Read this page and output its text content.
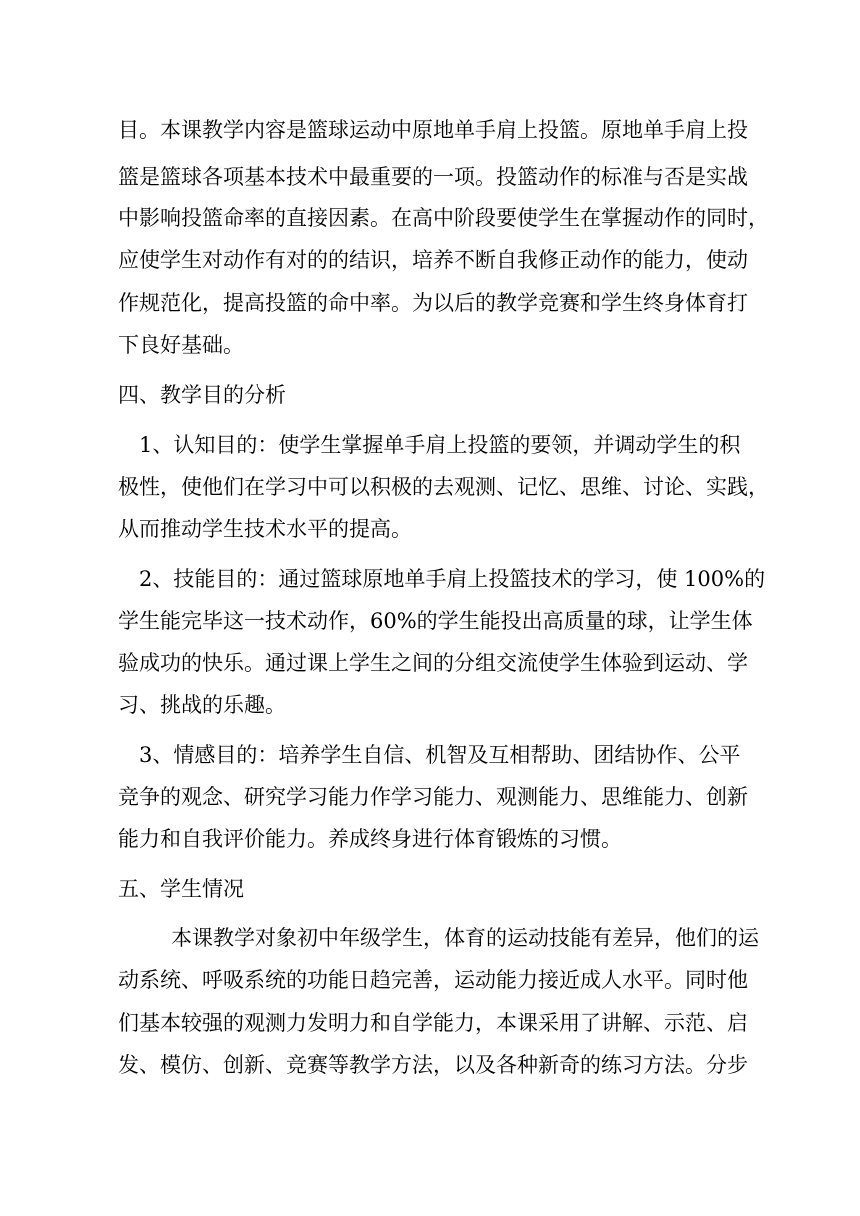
目。本课教学内容是篮球运动中原地单手肩上投篮。原地单手肩上投
篮是篮球各项基本技术中最重要的一项。投篮动作的标准与否是实战
中影响投篮命率的直接因素。在高中阶段要使学生在掌握动作的同时，
应使学生对动作有对的的结识，培养不断自我修正动作的能力，使动
作规范化，提高投篮的命中率。为以后的教学竞赛和学生终身体育打
下良好基础。
四、教学目的分析
1、认知目的：使学生掌握单手肩上投篮的要领，并调动学生的积
极性，使他们在学习中可以积极的去观测、记忆、思维、讨论、实践，
从而推动学生技术水平的提高。
2、技能目的：通过篮球原地单手肩上投篮技术的学习，使 100%的
学生能完毕这一技术动作，60%的学生能投出高质量的球，让学生体
验成功的快乐。通过课上学生之间的分组交流使学生体验到运动、学
习、挑战的乐趣。
3、情感目的：培养学生自信、机智及互相帮助、团结协作、公平
竞争的观念、研究学习能力作学习能力、观测能力、思维能力、创新
能力和自我评价能力。养成终身进行体育锻炼的习惯。
五、学生情况
本课教学对象初中年级学生，体育的运动技能有差异，他们的运
动系统、呼吸系统的功能日趋完善，运动能力接近成人水平。同时他
们基本较强的观测力发明力和自学能力，本课采用了讲解、示范、启
发、模仿、创新、竞赛等教学方法，以及各种新奇的练习方法。分步
